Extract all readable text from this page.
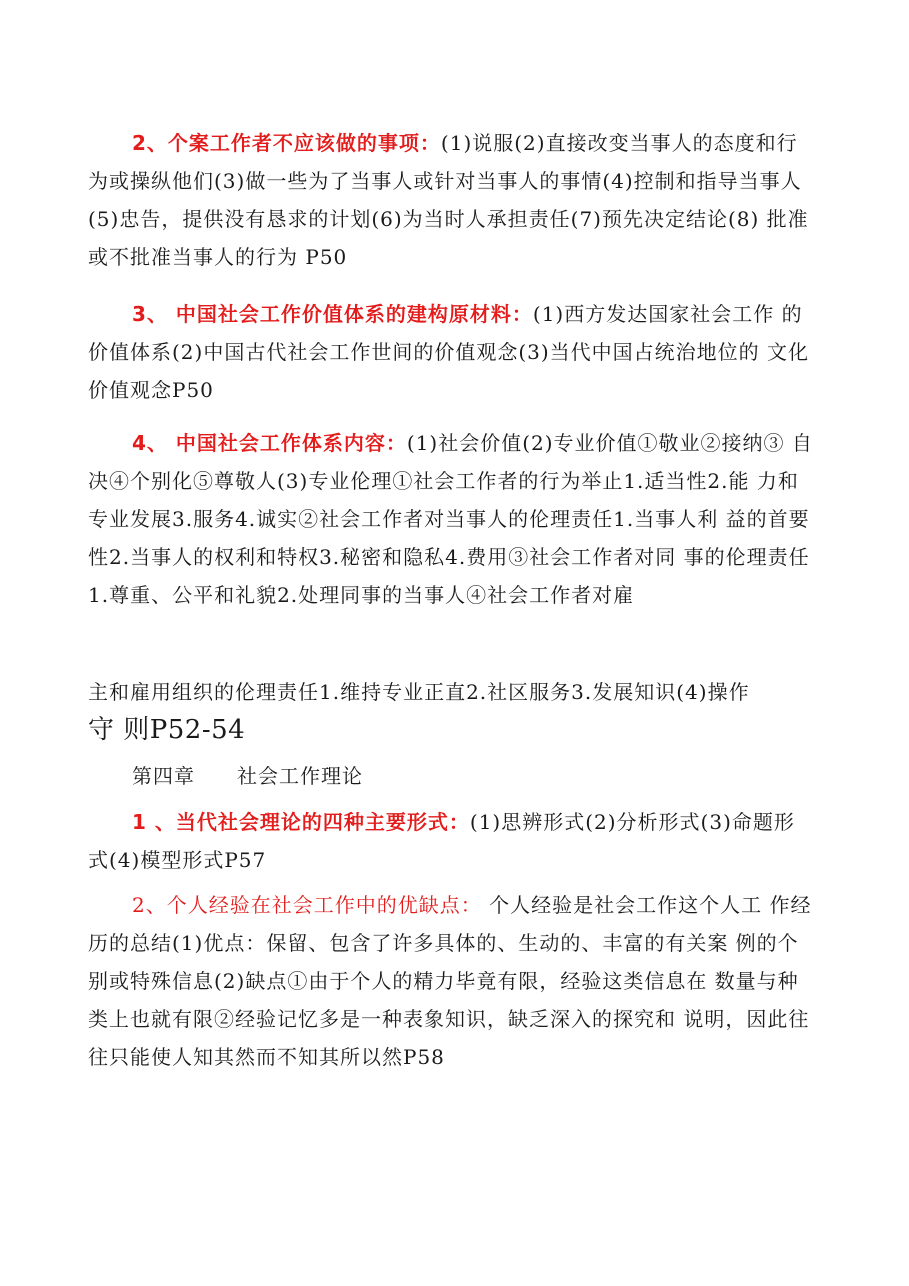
2、个案工作者不应该做的事项：(1)说服(2)直接改变当事人的态度和行为或操纵他们(3)做一些为了当事人或针对当事人的事情(4)控制和指导当事人(5)忠告，提供没有恳求的计划(6)为当时人承担责任(7)预先决定结论(8) 批准或不批准当事人的行为 P50

3、 中国社会工作价值体系的建构原材料：(1)西方发达国家社会工作 的价值体系(2)中国古代社会工作世间的价值观念(3)当代中国占统治地位的 文化价值观念P50

4、 中国社会工作体系内容：(1)社会价值(2)专业价值①敬业②接纳③ 自决④个别化⑤尊敬人(3)专业伦理①社会工作者的行为举止1.适当性2.能 力和专业发展3.服务4.诚实②社会工作者对当事人的伦理责任1.当事人利 益的首要性2.当事人的权利和特权3.秘密和隐私4.费用③社会工作者对同 事的伦理责任1.尊重、公平和礼貌2.处理同事的当事人④社会工作者对雇

主和雇用组织的伦理责任1.维持专业正直2.社区服务3.发展知识(4)操作
守 则P52-54

第四章 社会工作理论

1 、当代社会理论的四种主要形式：(1)思辨形式(2)分析形式(3)命题形 式(4)模型形式P57

2、个人经验在社会工作中的优缺点： 个人经验是社会工作这个人工 作经历的总结(1)优点：保留、包含了许多具体的、生动的、丰富的有关案 例的个别或特殊信息(2)缺点①由于个人的精力毕竟有限，经验这类信息在 数量与种类上也就有限②经验记忆多是一种表象知识，缺乏深入的探究和 说明，因此往往只能使人知其然而不知其所以然P58
